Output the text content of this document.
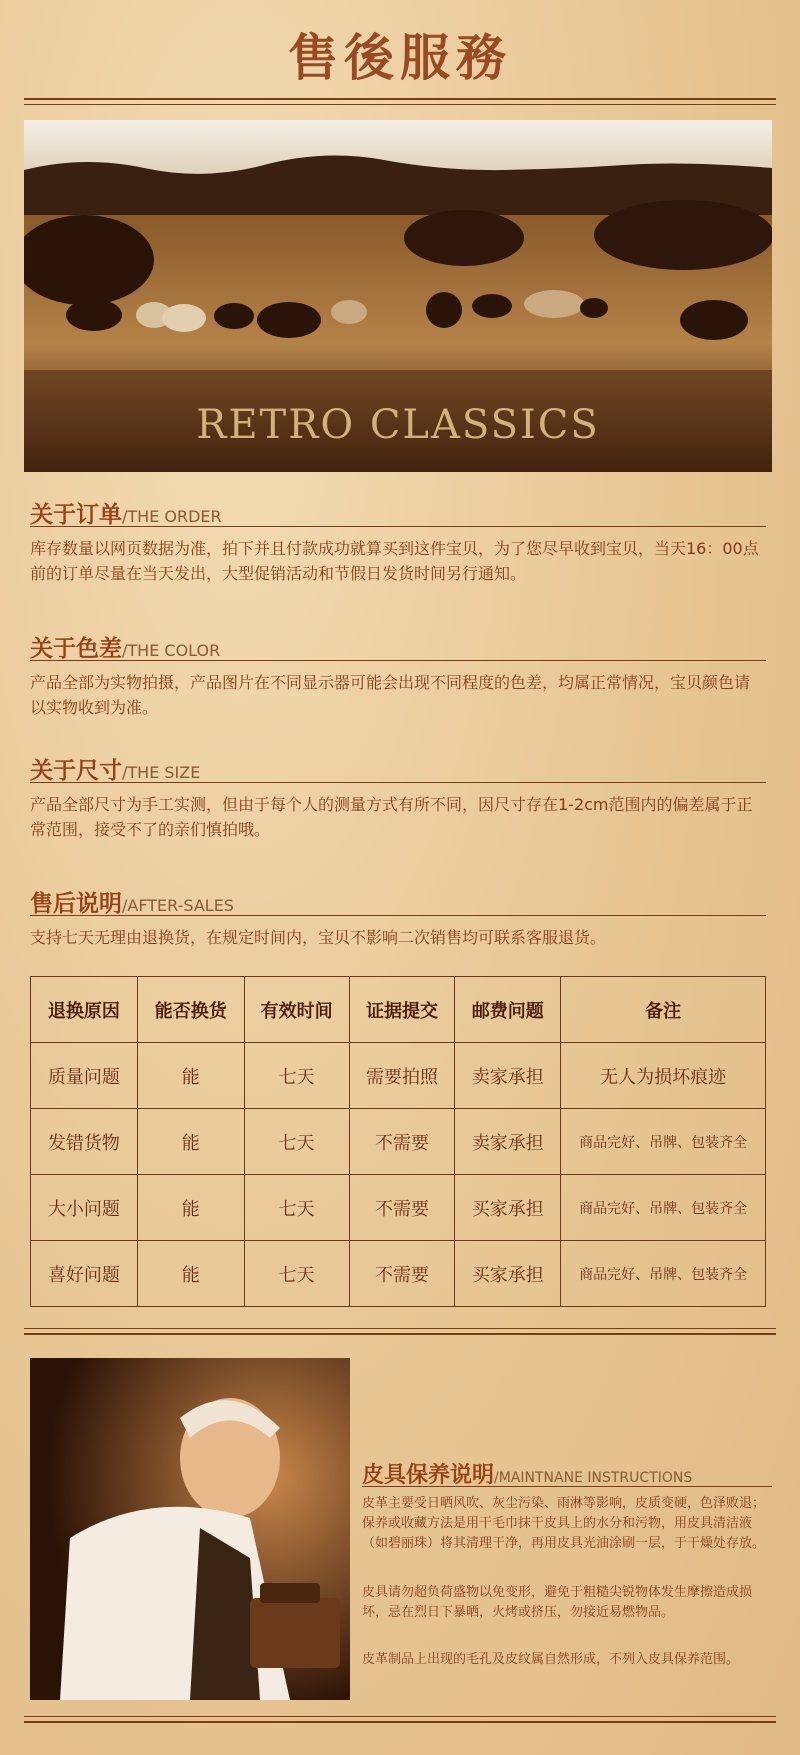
售後服務
RETRO CLASSICS
关于订单/THE ORDER
库存数量以网页数据为准，拍下并且付款成功就算买到这件宝贝，为了您尽早收到宝贝，当天16：00点前的订单尽量在当天发出，大型促销活动和节假日发货时间另行通知。
关于色差/THE COLOR
产品全部为实物拍摄，产品图片在不同显示器可能会出现不同程度的色差，均属正常情况，宝贝颜色请以实物收到为准。
关于尺寸/THE SIZE
产品全部尺寸为手工实测，但由于每个人的测量方式有所不同，因尺寸存在1-2cm范围内的偏差属于正常范围，接受不了的亲们慎拍哦。
售后说明/AFTER-SALES
支持七天无理由退换货，在规定时间内，宝贝不影响二次销售均可联系客服退货。
退换原因	能否换货	有效时间	证据提交	邮费问题	备注
质量问题	能	七天	需要拍照	卖家承担	无人为损坏痕迹
发错货物	能	七天	不需要	卖家承担	商品完好、吊牌、包装齐全
大小问题	能	七天	不需要	买家承担	商品完好、吊牌、包装齐全
喜好问题	能	七天	不需要	买家承担	商品完好、吊牌、包装齐全
皮具保养说明/MAINTNANE INSTRUCTIONS
皮革主要受日晒风吹、灰尘污染、雨淋等影响，皮质变硬，色泽败退；保养或收藏方法是用干毛巾抹干皮具上的水分和污物，用皮具清洁液（如碧丽珠）将其清理干净，再用皮具光油涂刷一层，于干燥处存放。
皮具请勿超负荷盛物以免变形，避免于粗糙尖锐物体发生摩擦造成损坏，忌在烈日下暴晒，火烤或挤压，勿接近易燃物品。
皮革制品上出现的毛孔及皮纹属自然形成，不列入皮具保养范围。
